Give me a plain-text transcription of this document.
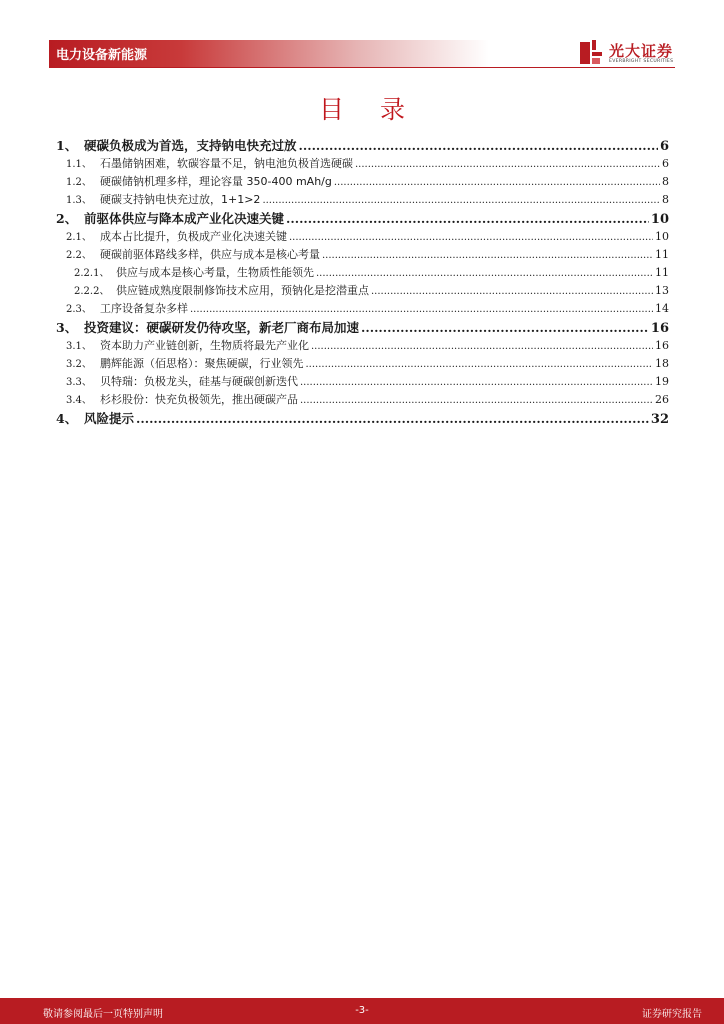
电力设备新能源	光大证券
EVERBRIGHT SECURITIES
目录
1、 硬碳负极成为首选，支持钠电快充过放 .....	6
1.1、 石墨储钠困难，软碳容量不足，钠电池负极首选硬碳 .....	6
1.2、 硬碳储钠机理多样，理论容量 350-400 mAh/g .....	8
1.3、 硬碳支持钠电快充过放，1+1>2 .....	8
2、 前驱体供应与降本成产业化决速关键 .....	10
2.1、 成本占比提升，负极成产业化决速关键 .....	10
2.2、 硬碳前驱体路线多样，供应与成本是核心考量 .....	11
2.2.1、 供应与成本是核心考量，生物质性能领先 .....	11
2.2.2、 供应链成熟度限制修饰技术应用，预钠化是挖潜重点 .....	13
2.3、 工序设备复杂多样 .....	14
3、 投资建议：硬碳研发仍待攻坚，新老厂商布局加速 .....	16
3.1、 资本助力产业链创新，生物质将最先产业化 .....	16
3.2、 鹏辉能源（佰思格）：聚焦硬碳，行业领先 .....	18
3.3、 贝特瑞：负极龙头，硅基与硬碳创新迭代 .....	19
3.4、 杉杉股份：快充负极领先，推出硬碳产品 .....	26
4、 风险提示 .....	32
敬请参阅最后一页特别声明	-3-	证券研究报告
